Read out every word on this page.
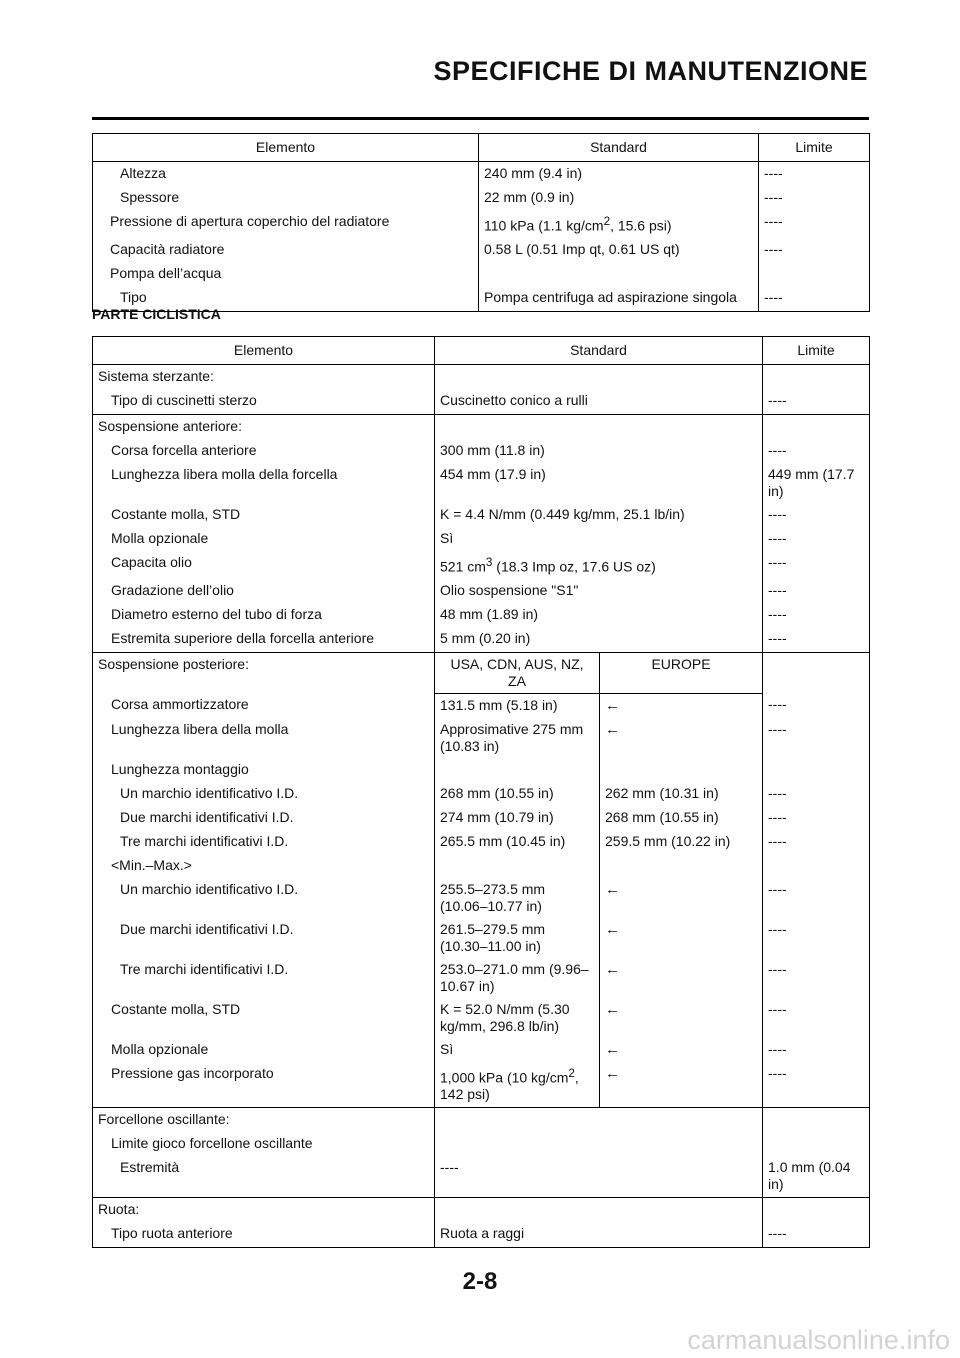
SPECIFICHE DI MANUTENZIONE
Elemento	Standard	Limite
Altezza	240 mm (9.4 in)	----
Spessore	22 mm (0.9 in)	----
Pressione di apertura coperchio del radiatore	110 kPa (1.1 $kg/cm^2$, 15.6 psi)	----
Capacità radiatore	0.58 L (0.51 Imp qt, 0.61 US qt)	----
Pompa dell’acqua		
Tipo	Pompa centrifuga ad aspirazione singola	----
PARTE CICLISTICA
Elemento	Standard		Limite
Sistema sterzante:			
Tipo di cuscinetti sterzo	Cuscinetto conico a rulli		----
Sospensione anteriore:			
Corsa forcella anteriore	300 mm (11.8 in)		----
Lunghezza libera molla della forcella	454 mm (17.9 in)		449 mm (17.7 in)
Costante molla, STD	K = 4.4 N/mm (0.449 kg/mm, 25.1 lb/in)		----
Molla opzionale	Sì		----
Capacita olio	521 $cm^3$ (18.3 Imp oz, 17.6 US oz)		----
Gradazione dell’olio	Olio sospensione "S1"		----
Diametro esterno del tubo di forza	48 mm (1.89 in)		----
Estremita superiore della forcella anteriore	5 mm (0.20 in)		----
Sospensione posteriore:	USA, CDN, AUS, NZ, ZA	EUROPE	
Corsa ammortizzatore	131.5 mm (5.18 in)	←	----
Lunghezza libera della molla	Approsimative 275 mm (10.83 in)	←	----
Lunghezza montaggio			
Un marchio identificativo I.D.	268 mm (10.55 in)	262 mm (10.31 in)	----
Due marchi identificativi I.D.	274 mm (10.79 in)	268 mm (10.55 in)	----
Tre marchi identificativi I.D.	265.5 mm (10.45 in)	259.5 mm (10.22 in)	----
<Min.–Max.>			
Un marchio identificativo I.D.	255.5–273.5 mm (10.06–10.77 in)	←	----
Due marchi identificativi I.D.	261.5–279.5 mm (10.30–11.00 in)	←	----
Tre marchi identificativi I.D.	253.0–271.0 mm (9.96–10.67 in)	←	----
Costante molla, STD	K = 52.0 N/mm (5.30 kg/mm, 296.8 lb/in)	←	----
Molla opzionale	Sì	←	----
Pressione gas incorporato	1,000 kPa (10 $kg/cm^2$, 142 psi)	←	----
Forcellone oscillante:			
Limite gioco forcellone oscillante			
Estremità	----		1.0 mm (0.04 in)
Ruota:			
Tipo ruota anteriore	Ruota a raggi		----
2-8
carmanualsonline.info
